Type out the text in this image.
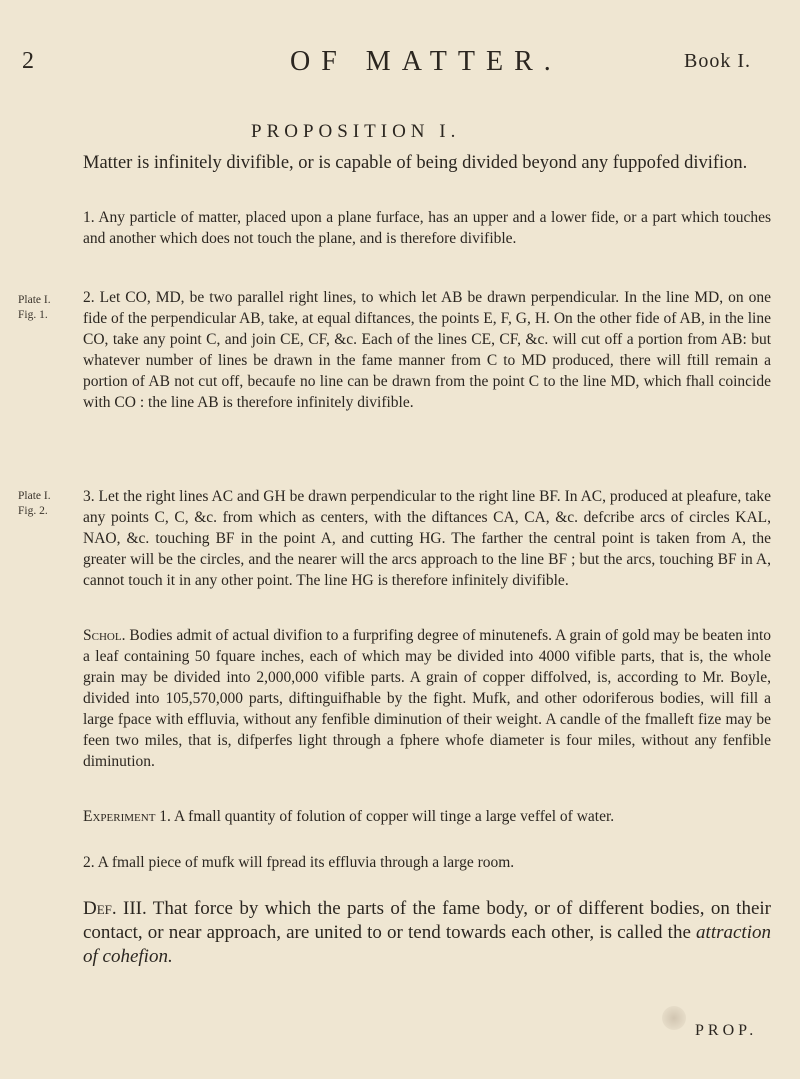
2	OF MATTER.	Book I.
PROPOSITION I.
Matter is infinitely divifible, or is capable of being divided beyond any fuppofed divifion.
1. Any particle of matter, placed upon a plane furface, has an upper and a lower fide, or a part which touches and another which does not touch the plane, and is therefore divifible.
Plate I.
Fig. 1.
2. Let CO, MD, be two parallel right lines, to which let AB be drawn perpendicular. In the line MD, on one fide of the perpendicular AB, take, at equal diftances, the points E, F, G, H. On the other fide of AB, in the line CO, take any point C, and join CE, CF, &c. Each of the lines CE, CF, &c. will cut off a portion from AB: but whatever number of lines be drawn in the fame manner from C to MD produced, there will ftill remain a portion of AB not cut off, becaufe no line can be drawn from the point C to the line MD, which fhall coincide with CO : the line AB is therefore infinitely divifible.
Plate I.
Fig. 2.
3. Let the right lines AC and GH be drawn perpendicular to the right line BF. In AC, produced at pleafure, take any points C, C, &c. from which as centers, with the diftances CA, CA, &c. defcribe arcs of circles KAL, NAO, &c. touching BF in the point A, and cutting HG. The farther the central point is taken from A, the greater will be the circles, and the nearer will the arcs approach to the line BF ; but the arcs, touching BF in A, cannot touch it in any other point. The line HG is therefore infinitely divifible.
Schol. Bodies admit of actual divifion to a furprifing degree of minutenefs. A grain of gold may be beaten into a leaf containing 50 fquare inches, each of which may be divided into 4000 vifible parts, that is, the whole grain may be divided into 2,000,000 vifible parts. A grain of copper diffolved, is, according to Mr. Boyle, divided into 105,570,000 parts, diftinguifhable by the fight. Mufk, and other odoriferous bodies, will fill a large fpace with effluvia, without any fenfible diminution of their weight. A candle of the fmalleft fize may be feen two miles, that is, difperfes light through a fphere whofe diameter is four miles, without any fenfible diminution.
Experiment 1. A fmall quantity of folution of copper will tinge a large veffel of water.
2. A fmall piece of mufk will fpread its effluvia through a large room.
Def. III. That force by which the parts of the fame body, or of different bodies, on their contact, or near approach, are united to or tend towards each other, is called the attraction of cohefion.
PROP.
